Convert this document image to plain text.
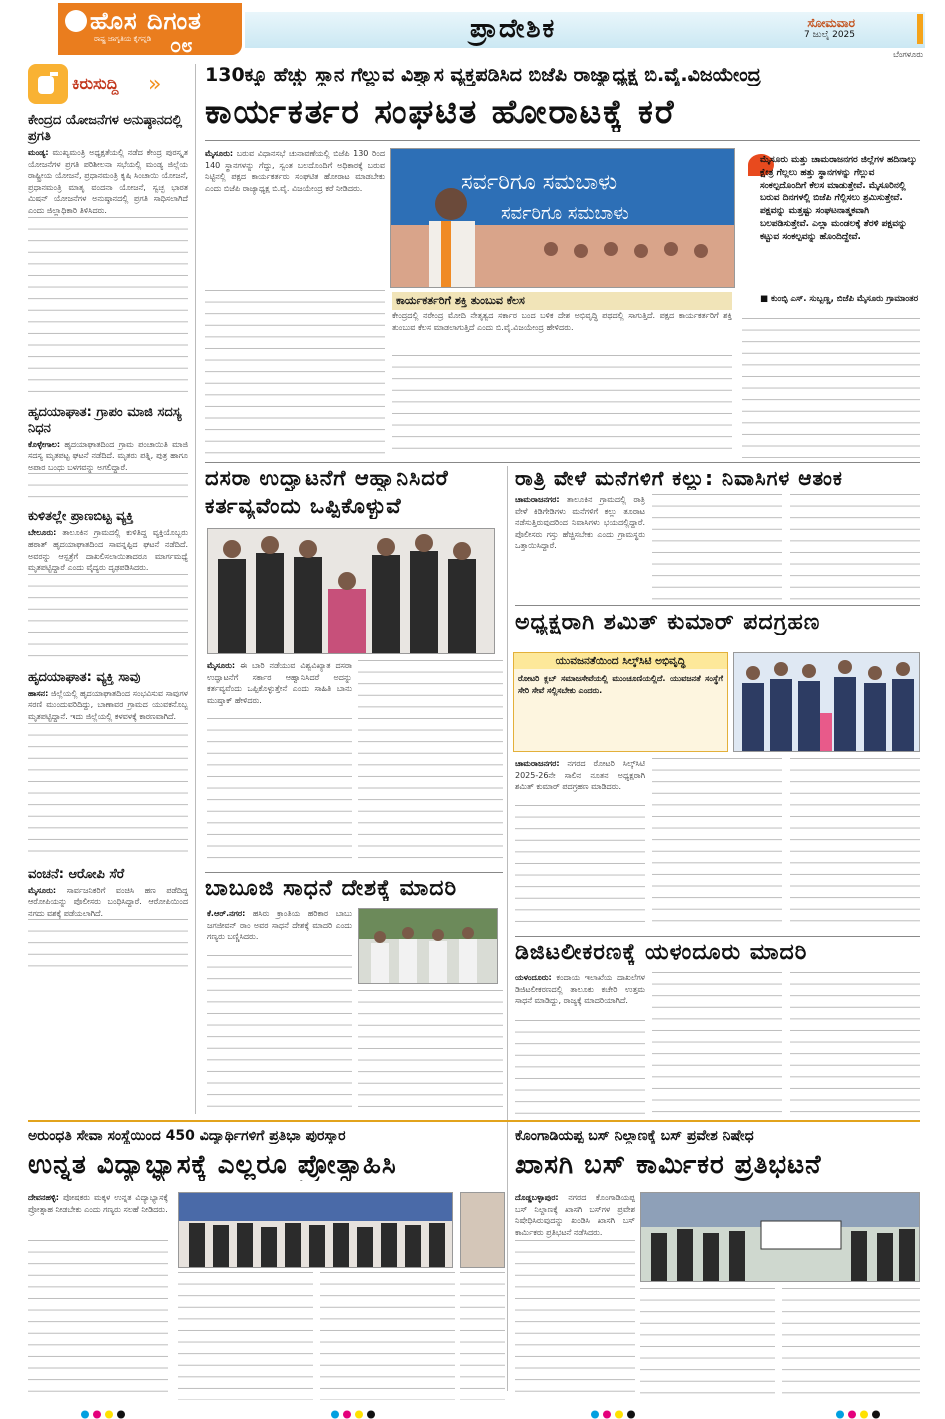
ಹೊಸ ದಿಗಂತ
ರಾಷ್ಟ್ರ ಜಾಗೃತಿಯ ಕೈಗನ್ನಡಿ ೦೮
ಪ್ರಾದೇಶಿಕ	ಸೋಮವಾರ
7 ಜುಲೈ 2025
ಬೆಂಗಳೂರು
ಕಿರುಸುದ್ದಿ »
ಕೇಂದ್ರದ ಯೋಜನೆಗಳ ಅನುಷ್ಠಾನದಲ್ಲಿ ಪ್ರಗತಿ
ಮಂಡ್ಯ: ಮುಖ್ಯಮಂತ್ರಿ ಅಧ್ಯಕ್ಷತೆಯಲ್ಲಿ ನಡೆದ ಕೇಂದ್ರ ಪುರಸ್ಕೃತ ಯೋಜನೆಗಳ ಪ್ರಗತಿ ಪರಿಶೀಲನಾ ಸಭೆಯಲ್ಲಿ ಮಂಡ್ಯ ಜಿಲ್ಲೆಯ ರಾಷ್ಟ್ರೀಯ ಯೋಜನೆ, ಪ್ರಧಾನಮಂತ್ರಿ ಕೃಷಿ ಸಿಂಚಾಯಿ ಯೋಜನೆ, ಪ್ರಧಾನಮಂತ್ರಿ ಮಾತೃ ವಂದನಾ ಯೋಜನೆ, ಸ್ವಚ್ಛ ಭಾರತ ಮಿಷನ್ ಯೋಜನೆಗಳ ಅನುಷ್ಠಾನದಲ್ಲಿ ಪ್ರಗತಿ ಸಾಧಿಸಲಾಗಿದೆ ಎಂದು ಜಿಲ್ಲಾಧಿಕಾರಿ ತಿಳಿಸಿದರು.
ಹೃದಯಾಘಾತ: ಗ್ರಾಪಂ ಮಾಜಿ ಸದಸ್ಯ ನಿಧನ
ಕೊಳ್ಳೇಗಾಲ: ಹೃದಯಾಘಾತದಿಂದ ಗ್ರಾಮ ಪಂಚಾಯಿತಿ ಮಾಜಿ ಸದಸ್ಯ ಮೃತಪಟ್ಟ ಘಟನೆ ನಡೆದಿದೆ. ಮೃತರು ಪತ್ನಿ, ಪುತ್ರ ಹಾಗೂ ಅಪಾರ ಬಂಧು ಬಳಗವನ್ನು ಅಗಲಿದ್ದಾರೆ.
ಕುಳಿತಲ್ಲೇ ಪ್ರಾಣಬಿಟ್ಟ ವ್ಯಕ್ತಿ
ಬೇಲೂರು: ತಾಲೂಕಿನ ಗ್ರಾಮದಲ್ಲಿ ಕುಳಿತಿದ್ದ ವ್ಯಕ್ತಿಯೊಬ್ಬರು ಹಠಾತ್ ಹೃದಯಾಘಾತದಿಂದ ಸಾವನ್ನಪ್ಪಿದ ಘಟನೆ ನಡೆದಿದೆ. ಅವರನ್ನು ಆಸ್ಪತ್ರೆಗೆ ದಾಖಲಿಸಲಾಯಿತಾದರೂ ಮಾರ್ಗಮಧ್ಯೆ ಮೃತಪಟ್ಟಿದ್ದಾರೆ ಎಂದು ವೈದ್ಯರು ದೃಢಪಡಿಸಿದರು.
ಹೃದಯಾಘಾತ: ವ್ಯಕ್ತಿ ಸಾವು
ಹಾಸನ: ಜಿಲ್ಲೆಯಲ್ಲಿ ಹೃದಯಾಘಾತದಿಂದ ಸಂಭವಿಸುವ ಸಾವುಗಳ ಸರಣಿ ಮುಂದುವರಿದಿದ್ದು, ಬಾಣಾವರ ಗ್ರಾಮದ ಯುವಕನೊಬ್ಬ ಮೃತಪಟ್ಟಿದ್ದಾನೆ. ಇದು ಜಿಲ್ಲೆಯಲ್ಲಿ ಕಳವಳಕ್ಕೆ ಕಾರಣವಾಗಿದೆ.
ವಂಚನೆ: ಆರೋಪಿ ಸೆರೆ
ಮೈಸೂರು: ಸಾರ್ವಜನಿಕರಿಗೆ ವಂಚಿಸಿ ಹಣ ಪಡೆದಿದ್ದ ಆರೋಪಿಯನ್ನು ಪೊಲೀಸರು ಬಂಧಿಸಿದ್ದಾರೆ. ಆರೋಪಿಯಿಂದ ನಗದು ವಶಕ್ಕೆ ಪಡೆಯಲಾಗಿದೆ.
130ಕ್ಕೂ ಹೆಚ್ಚು ಸ್ಥಾನ ಗೆಲ್ಲುವ ವಿಶ್ವಾಸ ವ್ಯಕ್ತಪಡಿಸಿದ ಬಿಜೆಪಿ ರಾಜ್ಯಾಧ್ಯಕ್ಷ ಬಿ.ವೈ.ವಿಜಯೇಂದ್ರ
ಕಾರ್ಯಕರ್ತರ ಸಂಘಟಿತ ಹೋರಾಟಕ್ಕೆ ಕರೆ
ಮೈಸೂರು: ಬರುವ ವಿಧಾನಸಭೆ ಚುನಾವಣೆಯಲ್ಲಿ ಬಿಜೆಪಿ 130 ರಿಂದ 140 ಸ್ಥಾನಗಳನ್ನು ಗೆದ್ದು, ಸ್ವಂತ ಬಲದೊಂದಿಗೆ ಅಧಿಕಾರಕ್ಕೆ ಬರುವ ನಿಟ್ಟಿನಲ್ಲಿ ಪಕ್ಷದ ಕಾರ್ಯಕರ್ತರು ಸಂಘಟಿತ ಹೋರಾಟ ಮಾಡಬೇಕು ಎಂದು ಬಿಜೆಪಿ ರಾಜ್ಯಾಧ್ಯಕ್ಷ ಬಿ.ವೈ. ವಿಜಯೇಂದ್ರ ಕರೆ ನೀಡಿದರು.	ಸರ್ವರಿಗೂ ಸಮಬಾಳು
ಸರ್ವರಿಗೂ ಸಮಬಾಳು
ಕಾರ್ಯಕರ್ತರಿಗೆ ಶಕ್ತಿ ತುಂಬುವ ಕೆಲಸ
ಕೇಂದ್ರದಲ್ಲಿ ನರೇಂದ್ರ ಮೋದಿ ನೇತೃತ್ವದ ಸರ್ಕಾರ ಬಂದ ಬಳಿಕ ದೇಶ ಅಭಿವೃದ್ಧಿ ಪಥದಲ್ಲಿ ಸಾಗುತ್ತಿದೆ. ಪಕ್ಷದ ಕಾರ್ಯಕರ್ತರಿಗೆ ಶಕ್ತಿ ತುಂಬುವ ಕೆಲಸ ಮಾಡಲಾಗುತ್ತಿದೆ ಎಂದು ಬಿ.ವೈ.ವಿಜಯೇಂದ್ರ ಹೇಳಿದರು.
ಮೈಸೂರು ಮತ್ತು ಚಾಮರಾಜನಗರ ಜಿಲ್ಲೆಗಳ ಹದಿನಾಲ್ಕು ಕ್ಷೇತ್ರ ಗೆಲ್ಲಲು ಹತ್ತು ಸ್ಥಾನಗಳನ್ನು ಗೆಲ್ಲುವ ಸಂಕಲ್ಪದೊಂದಿಗೆ ಕೆಲಸ ಮಾಡುತ್ತೇವೆ. ಮೈಸೂರಿನಲ್ಲಿ ಬರುವ ದಿನಗಳಲ್ಲಿ ಬಿಜೆಪಿ ಗೆಲ್ಲಿಸಲು ಶ್ರಮಿಸುತ್ತೇವೆ. ಪಕ್ಷವನ್ನು ಮತ್ತಷ್ಟು ಸಂಘಟನಾತ್ಮಕವಾಗಿ ಬಲಪಡಿಸುತ್ತೇವೆ. ಎಲ್ಲಾ ಮಂಡಲಕ್ಕೆ ತೆರಳಿ ಪಕ್ಷವನ್ನು ಕಟ್ಟುವ ಸಂಕಲ್ಪವನ್ನು ಹೊಂದಿದ್ದೇವೆ.
■ ಕುಂಬ್ಳಿ ಎಸ್. ಸುಬ್ಬಣ್ಣ, ಬಿಜೆಪಿ ಮೈಸೂರು ಗ್ರಾಮಾಂತರ
ದಸರಾ ಉದ್ಘಾಟನೆಗೆ ಆಹ್ವಾನಿಸಿದರೆ
ಕರ್ತವ್ಯವೆಂದು ಒಪ್ಪಿಕೊಳ್ಳುವೆ
ಮೈಸೂರು: ಈ ಬಾರಿ ನಡೆಯುವ ವಿಶ್ವವಿಖ್ಯಾತ ದಸರಾ ಉದ್ಘಾಟನೆಗೆ ಸರ್ಕಾರ ಆಹ್ವಾನಿಸಿದರೆ ಅದನ್ನು ಕರ್ತವ್ಯವೆಂದು ಒಪ್ಪಿಕೊಳ್ಳುತ್ತೇನೆ ಎಂದು ಸಾಹಿತಿ ಬಾನು ಮುಷ್ತಾಕ್ ಹೇಳಿದರು.
ರಾತ್ರಿ ವೇಳೆ ಮನೆಗಳಿಗೆ ಕಲ್ಲು: ನಿವಾಸಿಗಳ ಆತಂಕ
ಚಾಮರಾಜನಗರ: ತಾಲೂಕಿನ ಗ್ರಾಮದಲ್ಲಿ ರಾತ್ರಿ ವೇಳೆ ಕಿಡಿಗೇಡಿಗಳು ಮನೆಗಳಿಗೆ ಕಲ್ಲು ತೂರಾಟ ನಡೆಸುತ್ತಿರುವುದರಿಂದ ನಿವಾಸಿಗಳು ಭಯದಲ್ಲಿದ್ದಾರೆ. ಪೊಲೀಸರು ಗಸ್ತು ಹೆಚ್ಚಿಸಬೇಕು ಎಂದು ಗ್ರಾಮಸ್ಥರು ಒತ್ತಾಯಿಸಿದ್ದಾರೆ.
ಅಧ್ಯಕ್ಷರಾಗಿ ಶಮಿತ್ ಕುಮಾರ್ ಪದಗ್ರಹಣ
ಯುವಜನತೆಯಿಂದ ಸಿಲ್ಕ್‌ಸಿಟಿ ಅಭಿವೃದ್ಧಿ
ರೋಟರಿ ಕ್ಲಬ್ ಸಮಾಜಸೇವೆಯಲ್ಲಿ ಮುಂಚೂಣಿಯಲ್ಲಿದೆ. ಯುವಜನತೆ ಸಂಸ್ಥೆಗೆ ಸೇರಿ ಸೇವೆ ಸಲ್ಲಿಸಬೇಕು ಎಂದರು.
ಚಾಮರಾಜನಗರ: ನಗರದ ರೋಟರಿ ಸಿಲ್ಕ್‌ಸಿಟಿ 2025-26ನೇ ಸಾಲಿನ ನೂತನ ಅಧ್ಯಕ್ಷರಾಗಿ ಶಮಿತ್ ಕುಮಾರ್ ಪದಗ್ರಹಣ ಮಾಡಿದರು.
ಬಾಬೂಜಿ ಸಾಧನೆ ದೇಶಕ್ಕೆ ಮಾದರಿ
ಕೆ.ಆರ್.ನಗರ: ಹಸಿರು ಕ್ರಾಂತಿಯ ಹರಿಕಾರ ಬಾಬು ಜಗಜೀವನ್ ರಾಂ ಅವರ ಸಾಧನೆ ದೇಶಕ್ಕೆ ಮಾದರಿ ಎಂದು ಗಣ್ಯರು ಬಣ್ಣಿಸಿದರು.
ಡಿಜಿಟಲೀಕರಣಕ್ಕೆ ಯಳಂದೂರು ಮಾದರಿ
ಯಳಂದೂರು: ಕಂದಾಯ ಇಲಾಖೆಯ ದಾಖಲೆಗಳ ಡಿಜಿಟಲೀಕರಣದಲ್ಲಿ ತಾಲೂಕು ಕಚೇರಿ ಉತ್ತಮ ಸಾಧನೆ ಮಾಡಿದ್ದು, ರಾಜ್ಯಕ್ಕೆ ಮಾದರಿಯಾಗಿದೆ.
ಅರುಂಧತಿ ಸೇವಾ ಸಂಸ್ಥೆಯಿಂದ 450 ವಿದ್ಯಾರ್ಥಿಗಳಿಗೆ ಪ್ರತಿಭಾ ಪುರಸ್ಕಾರ
ಉನ್ನತ ವಿದ್ಯಾಭ್ಯಾಸಕ್ಕೆ ಎಲ್ಲರೂ ಪ್ರೋತ್ಸಾಹಿಸಿ
ದೇವನಹಳ್ಳಿ: ಪೋಷಕರು ಮಕ್ಕಳ ಉನ್ನತ ವಿದ್ಯಾಭ್ಯಾಸಕ್ಕೆ ಪ್ರೋತ್ಸಾಹ ನೀಡಬೇಕು ಎಂದು ಗಣ್ಯರು ಸಲಹೆ ನೀಡಿದರು.
ಕೊಂಗಾಡಿಯಪ್ಪ ಬಸ್ ನಿಲ್ದಾಣಕ್ಕೆ ಬಸ್ ಪ್ರವೇಶ ನಿಷೇಧ
ಖಾಸಗಿ ಬಸ್ ಕಾರ್ಮಿಕರ ಪ್ರತಿಭಟನೆ
ದೊಡ್ಡಬಳ್ಳಾಪುರ: ನಗರದ ಕೊಂಗಾಡಿಯಪ್ಪ ಬಸ್ ನಿಲ್ದಾಣಕ್ಕೆ ಖಾಸಗಿ ಬಸ್‌ಗಳ ಪ್ರವೇಶ ನಿಷೇಧಿಸಿರುವುದನ್ನು ಖಂಡಿಸಿ ಖಾಸಗಿ ಬಸ್ ಕಾರ್ಮಿಕರು ಪ್ರತಿಭಟನೆ ನಡೆಸಿದರು.
